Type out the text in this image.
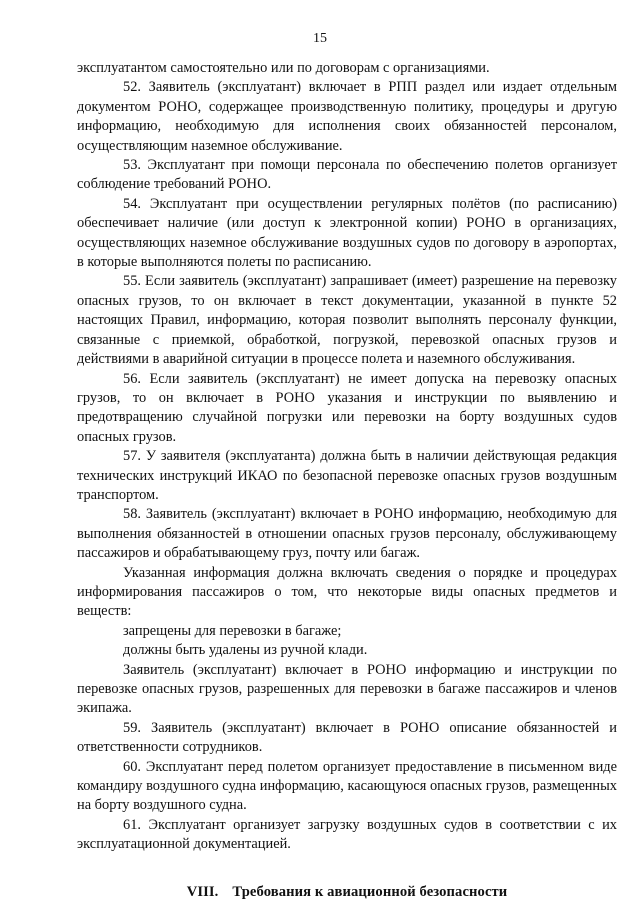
15

эксплуатантом самостоятельно или по договорам с организациями.

52. Заявитель (эксплуатант) включает в РПП раздел или издает отдельным документом РОНО, содержащее производственную политику, процедуры и другую информацию, необходимую для исполнения своих обязанностей персоналом, осуществляющим наземное обслуживание.

53. Эксплуатант при помощи персонала по обеспечению полетов организует соблюдение требований РОНО.

54. Эксплуатант при осуществлении регулярных полётов (по расписанию) обеспечивает наличие (или доступ к электронной копии) РОНО в организациях, осуществляющих наземное обслуживание воздушных судов по договору в аэропортах, в которые выполняются полеты по расписанию.

55. Если заявитель (эксплуатант) запрашивает (имеет) разрешение на перевозку опасных грузов, то он включает в текст документации, указанной в пункте 52 настоящих Правил, информацию, которая позволит выполнять персоналу функции, связанные с приемкой, обработкой, погрузкой, перевозкой опасных грузов и действиями в аварийной ситуации в процессе полета и наземного обслуживания.

56. Если заявитель (эксплуатант) не имеет допуска на перевозку опасных грузов, то он включает в РОНО указания и инструкции по выявлению и предотвращению случайной погрузки или перевозки на борту воздушных судов опасных грузов.

57. У заявителя (эксплуатанта) должна быть в наличии действующая редакция технических инструкций ИКАО по безопасной перевозке опасных грузов воздушным транспортом.

58. Заявитель (эксплуатант) включает в РОНО информацию, необходимую для выполнения обязанностей в отношении опасных грузов персоналу, обслуживающему пассажиров и обрабатывающему груз, почту или багаж.

Указанная информация должна включать сведения о порядке и процедурах информирования пассажиров о том, что некоторые виды опасных предметов и веществ:

запрещены для перевозки в багаже;

должны быть удалены из ручной клади.

Заявитель (эксплуатант) включает в РОНО информацию и инструкции по перевозке опасных грузов, разрешенных для перевозки в багаже пассажиров и членов экипажа.

59. Заявитель (эксплуатант) включает в РОНО описание обязанностей и ответственности сотрудников.

60. Эксплуатант перед полетом организует предоставление в письменном виде командиру воздушного судна информацию, касающуюся опасных грузов, размещенных на борту воздушного судна.

61. Эксплуатант организует загрузку воздушных судов в соответствии с их эксплуатационной документацией.

VIII. Требования к авиационной безопасности
